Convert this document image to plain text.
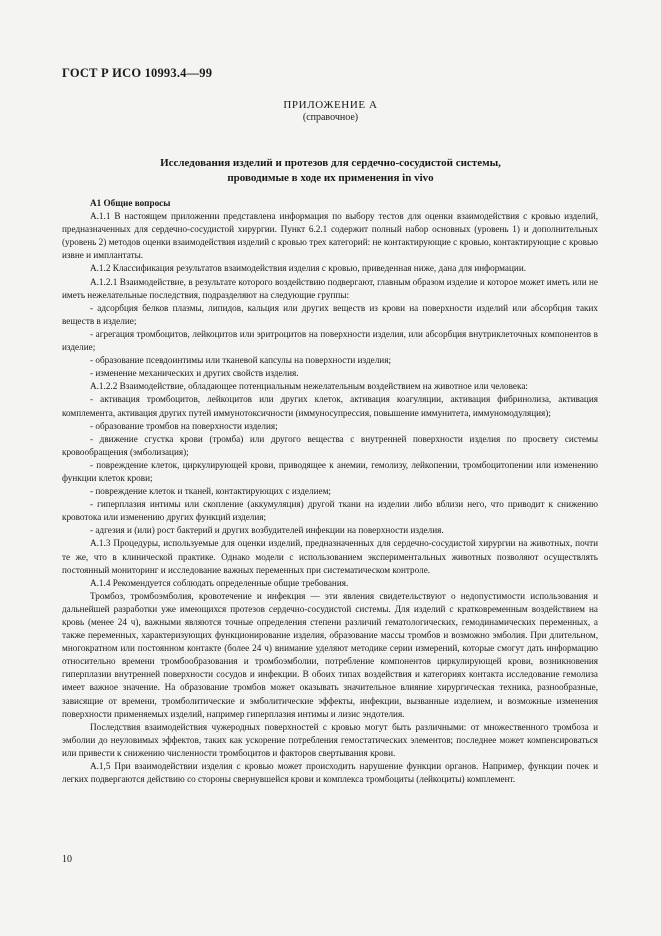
ГОСТ Р ИСО 10993.4—99
ПРИЛОЖЕНИЕ А
(справочное)
Исследования изделий и протезов для сердечно-сосудистой системы,
проводимые в ходе их применения in vivo

А1 Общие вопросы

А.1.1 В настоящем приложении представлена информация по выбору тестов для оценки взаимодействия с кровью изделий, предназначенных для сердечно-сосудистой хирургии. Пункт 6.2.1 содержит полный набор основных (уровень 1) и дополнительных (уровень 2) методов оценки взаимодействия изделий с кровью трех категорий: не контактирующие с кровью, контактирующие с кровью извне и имплантаты.

А.1.2 Классификация результатов взаимодействия изделия с кровью, приведенная ниже, дана для информации.

А.1.2.1 Взаимодействие, в результате которого воздействию подвергают, главным образом изделие и которое может иметь или не иметь нежелательные последствия, подразделяют на следующие группы:

- адсорбция белков плазмы, липидов, кальция или других веществ из крови на поверхности изделий или абсорбция таких веществ в изделие;

- агрегация тромбоцитов, лейкоцитов или эритроцитов на поверхности изделия, или абсорбция внутриклеточных компонентов в изделие;

- образование псевдоинтимы или тканевой капсулы на поверхности изделия;

- изменение механических и других свойств изделия.

А.1.2.2 Взаимодействие, обладающее потенциальным нежелательным воздействием на животное или человека:

- активация тромбоцитов, лейкоцитов или других клеток, активация коагуляции, активация фибринолиза, активация комплемента, активация других путей иммунотоксичности (иммуносупрессия, повышение иммунитета, иммуномодуляция);

- образование тромбов на поверхности изделия;

- движение сгустка крови (тромба) или другого вещества с внутренней поверхности изделия по просвету системы кровообращения (эмболизация);

- повреждение клеток, циркулирующей крови, приводящее к анемии, гемолизу, лейкопении, тромбоцитопении или изменению функции клеток крови;

- повреждение клеток и тканей, контактирующих с изделием;

- гиперплазия интимы или скопление (аккумуляция) другой ткани на изделии либо вблизи него, что приводит к снижению кровотока или изменению других функций изделия;

- адгезия и (или) рост бактерий и других возбудителей инфекции на поверхности изделия.

А.1.3 Процедуры, используемые для оценки изделий, предназначенных для сердечно-сосудистой хирургии на животных, почти те же, что в клинической практике. Однако модели с использованием экспериментальных животных позволяют осуществлять постоянный мониторинг и исследование важных переменных при систематическом контроле.

А.1.4 Рекомендуется соблюдать определенные общие требования.

Тромбоз, тромбоэмболия, кровотечение и инфекция — эти явления свидетельствуют о недопустимости использования и дальнейшей разработки уже имеющихся протезов сердечно-сосудистой системы. Для изделий с кратковременным воздействием на кровь (менее 24 ч), важными являются точные определения степени различий гематологических, гемодинамических переменных, а также переменных, характеризующих функционирование изделия, образование массы тромбов и возможно эмболия. При длительном, многократном или постоянном контакте (более 24 ч) внимание уделяют методике серии измерений, которые смогут дать информацию относительно времени тромбообразования и тромбоэмболии, потребление компонентов циркулирующей крови, возникновения гиперплазии внутренней поверхности сосудов и инфекции. В обоих типах воздействия и категориях контакта исследование гемолиза имеет важное значение. На образование тромбов может оказывать значительное влияние хирургическая техника, разнообразные, зависящие от времени, тромболитические и эмболитические эффекты, инфекции, вызванные изделием, и возможные изменения поверхности применяемых изделий, например гиперплазия интимы и лизис эндотелия.

Последствия взаимодействия чужеродных поверхностей с кровью могут быть различными: от множественного тромбоза и эмболии до неуловимых эффектов, таких как ускорение потребления гемостатических элементов; последнее может компенсироваться или привести к снижению численности тромбоцитов и факторов свертывания крови.

А.1,5 При взаимодействии изделия с кровью может происходить нарушение функции органов. Например, функции почек и легких подвергаются действию со стороны свернувшейся крови и комплекса тромбоциты (лейкоциты) комплемент.

10
